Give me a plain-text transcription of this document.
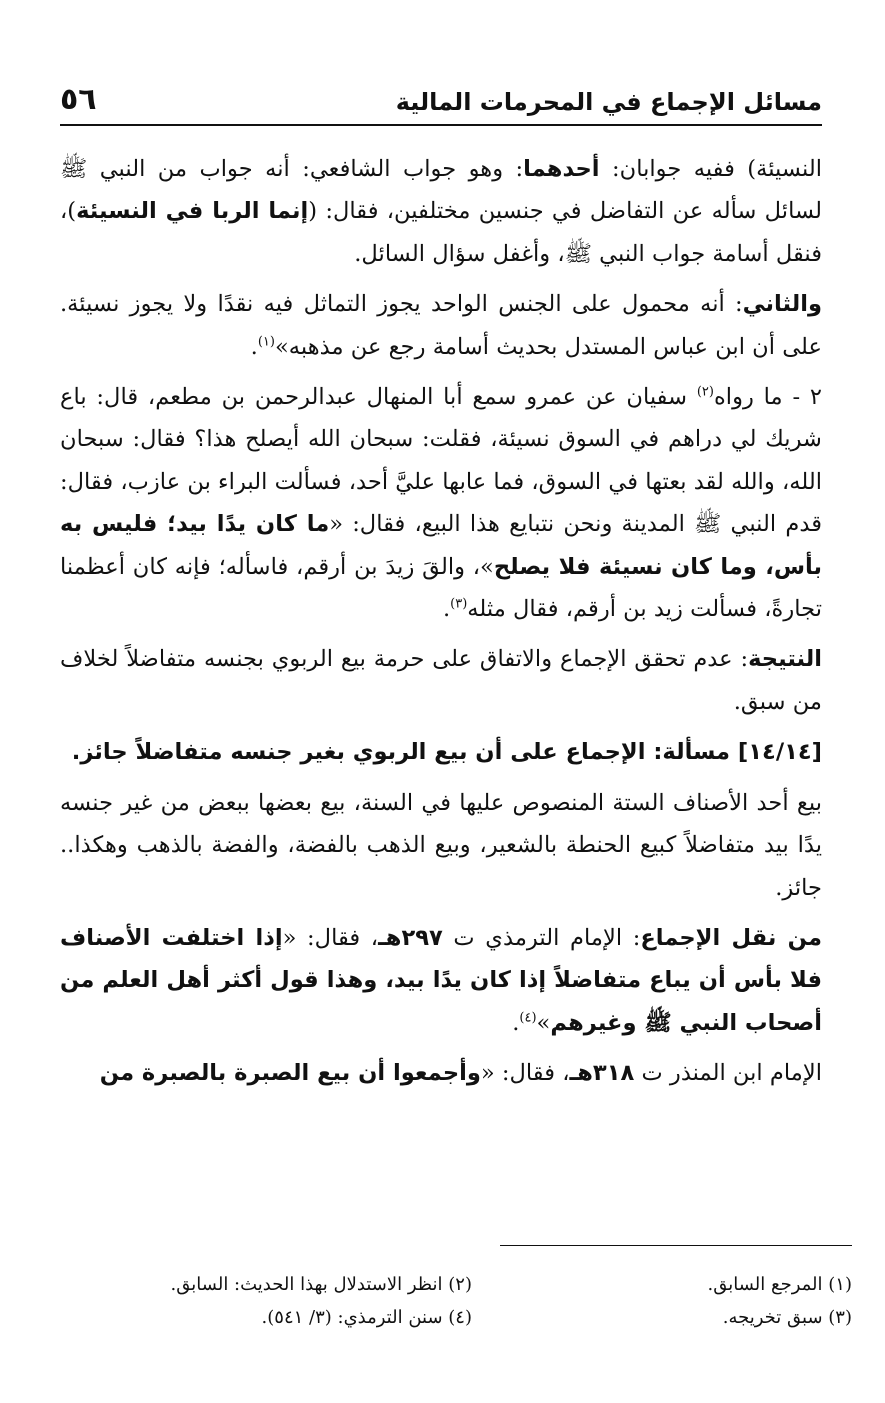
٥٦	مسائل الإجماع في المحرمات المالية

النسيئة) ففيه جوابان: أحدهما: وهو جواب الشافعي: أنه جواب من النبي ﷺ لسائل سأله عن التفاضل في جنسين مختلفين، فقال: (إنما الربا في النسيئة)، فنقل أسامة جواب النبي ﷺ، وأغفل سؤال السائل.

والثاني: أنه محمول على الجنس الواحد يجوز التماثل فيه نقدًا ولا يجوز نسيئة. على أن ابن عباس المستدل بحديث أسامة رجع عن مذهبه»$^{(١)}$.

٢ - ما رواه$^{(٢)}$ سفيان عن عمرو سمع أبا المنهال عبدالرحمن بن مطعم، قال: باع شريك لي دراهم في السوق نسيئة، فقلت: سبحان الله أيصلح هذا؟ فقال: سبحان الله، والله لقد بعتها في السوق، فما عابها عليَّ أحد، فسألت البراء بن عازب، فقال: قدم النبي ﷺ المدينة ونحن نتبايع هذا البيع، فقال: «ما كان يدًا بيد؛ فليس به بأس، وما كان نسيئة فلا يصلح»، والقَ زيدَ بن أرقم، فاسأله؛ فإنه كان أعظمنا تجارةً، فسألت زيد بن أرقم، فقال مثله$^{(٣)}$.

النتيجة: عدم تحقق الإجماع والاتفاق على حرمة بيع الربوي بجنسه متفاضلاً لخلاف من سبق.

[١٤/١٤] مسألة: الإجماع على أن بيع الربوي بغير جنسه متفاضلاً جائز.

بيع أحد الأصناف الستة المنصوص عليها في السنة، بيع بعضها ببعض من غير جنسه يدًا بيد متفاضلاً كبيع الحنطة بالشعير، وبيع الذهب بالفضة، والفضة بالذهب وهكذا.. جائز.

من نقل الإجماع: الإمام الترمذي ت ٢٩٧هـ، فقال: «إذا اختلفت الأصناف فلا بأس أن يباع متفاضلاً إذا كان يدًا بيد، وهذا قول أكثر أهل العلم من أصحاب النبي ﷺ وغيرهم»$^{(٤)}$.

الإمام ابن المنذر ت ٣١٨هـ، فقال: «وأجمعوا أن بيع الصبرة بالصبرة من

(١) المرجع السابق.
(٢) انظر الاستدلال بهذا الحديث: السابق.
(٣) سبق تخريجه.
(٤) سنن الترمذي: (٣/ ٥٤١).
